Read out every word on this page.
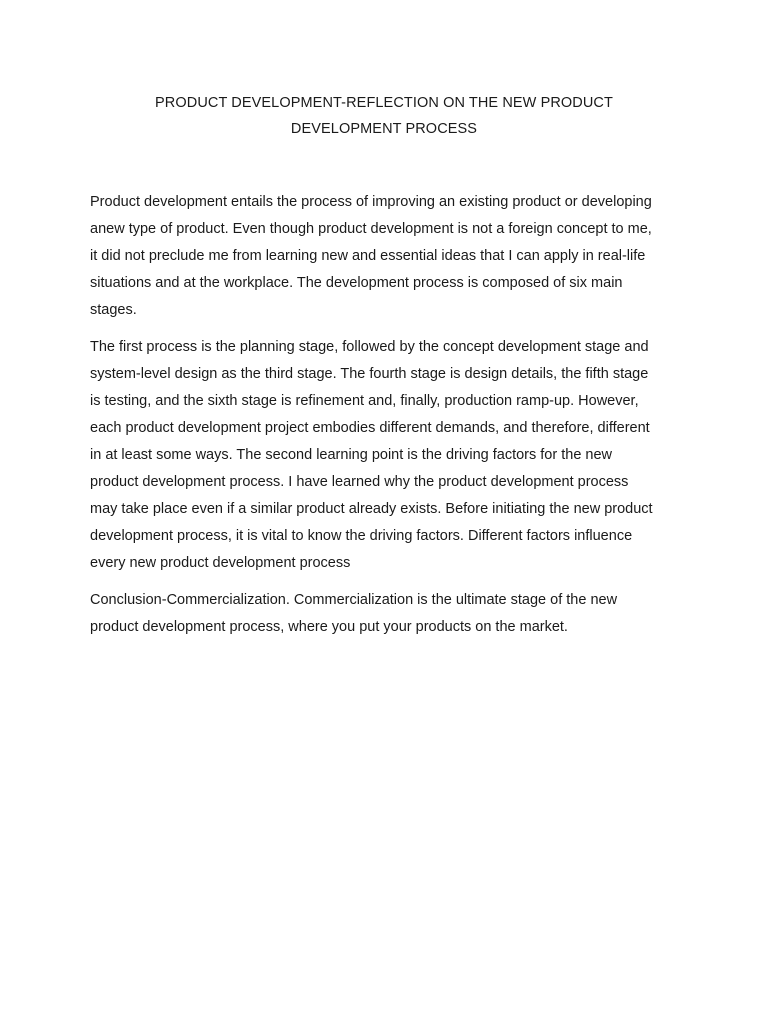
PRODUCT DEVELOPMENT-REFLECTION ON THE NEW PRODUCT
DEVELOPMENT PROCESS

Product development entails the process of improving an existing product or developing
anew type of product. Even though product development is not a foreign concept to me,
it did not preclude me from learning new and essential ideas that I can apply in real-life
situations and at the workplace. The development process is composed of six main
stages.

The first process is the planning stage, followed by the concept development stage and
system-level design as the third stage. The fourth stage is design details, the fifth stage
is testing, and the sixth stage is refinement and, finally, production ramp-up. However,
each product development project embodies different demands, and therefore, different
in at least some ways. The second learning point is the driving factors for the new
product development process. I have learned why the product development process
may take place even if a similar product already exists. Before initiating the new product
development process, it is vital to know the driving factors. Different factors influence
every new product development process

Conclusion-Commercialization. Commercialization is the ultimate stage of the new
product development process, where you put your products on the market.
